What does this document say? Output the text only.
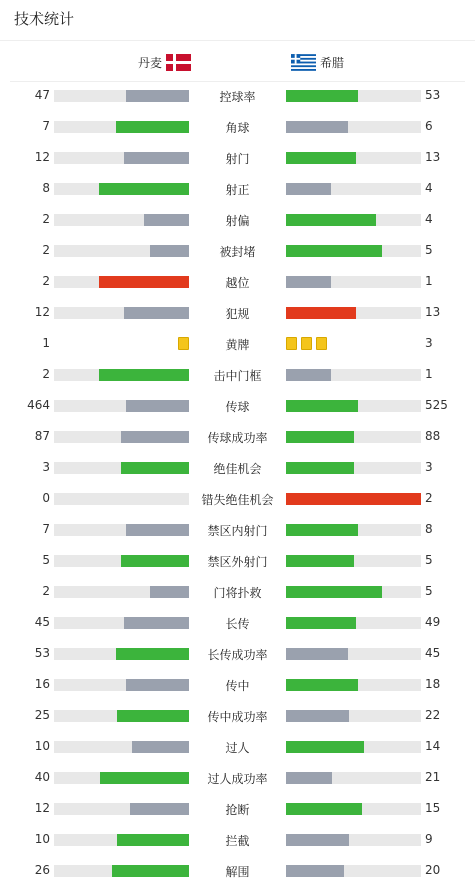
技术统计
丹麦	希腊
47	控球率	53
7	角球	6
12	射门	13
8	射正	4
2	射偏	4
2	被封堵	5
2	越位	1
12	犯规	13
1	黄牌	3
2	击中门框	1
464	传球	525
87	传球成功率	88
3	绝佳机会	3
0	错失绝佳机会	2
7	禁区内射门	8
5	禁区外射门	5
2	门将扑救	5
45	长传	49
53	长传成功率	45
16	传中	18
25	传中成功率	22
10	过人	14
40	过人成功率	21
12	抢断	15
10	拦截	9
26	解围	20
